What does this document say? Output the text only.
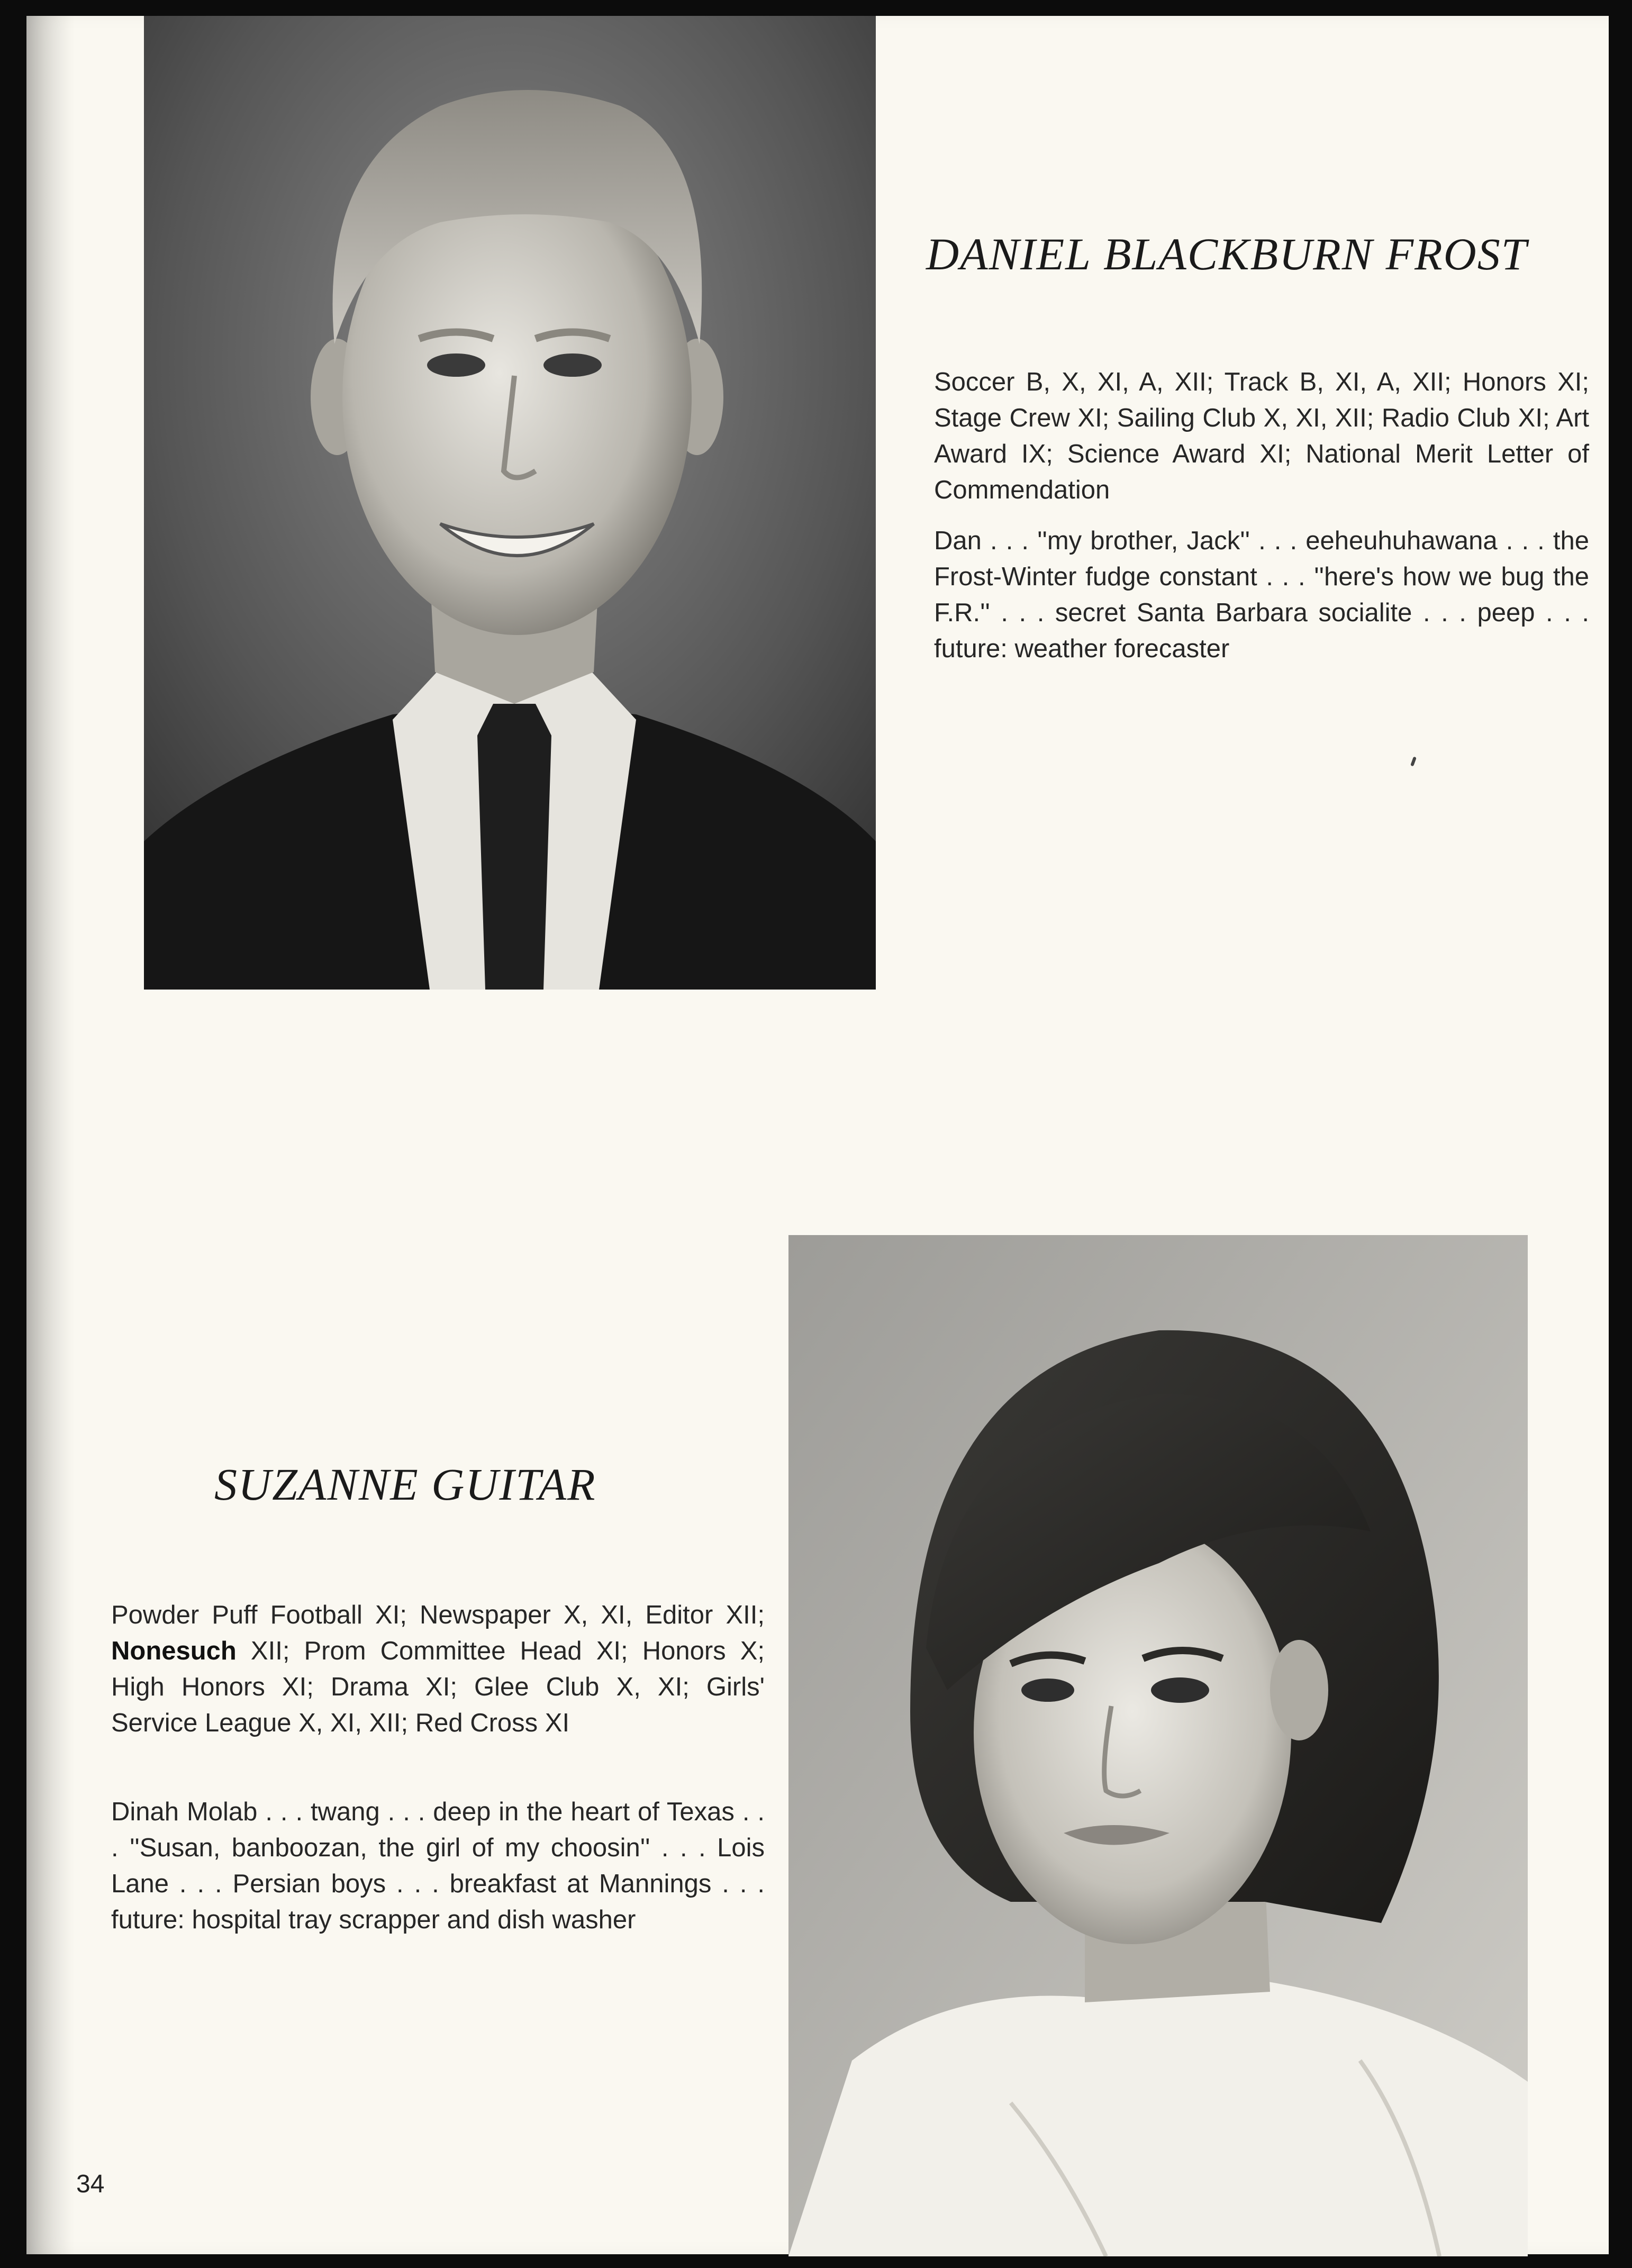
DANIEL BLACKBURN FROST

Soccer B, X, XI, A, XII; Track B, XI, A, XII; Honors XI; Stage Crew XI; Sailing Club X, XI, XII; Radio Club XI; Art Award IX; Science Award XI; National Merit Letter of Commendation

Dan . . . ''my brother, Jack'' . . . eeheuhuhawana . . . the Frost-Winter fudge constant . . . ''here's how we bug the F.R.'' . . . secret Santa Barbara socialite . . . peep . . . future: weather forecaster

SUZANNE GUITAR

Powder Puff Football XI; Newspaper X, XI, Editor XII; Nonesuch XII; Prom Committee Head XI; Honors X; High Honors XI; Drama XI; Glee Club X, XI; Girls' Service League X, XI, XII; Red Cross XI

Dinah Molab . . . twang . . . deep in the heart of Texas . . . ''Susan, banboozan, the girl of my choosin'' . . . Lois Lane . . . Persian boys . . . breakfast at Mannings . . . future: hospital tray scrapper and dish washer

34
